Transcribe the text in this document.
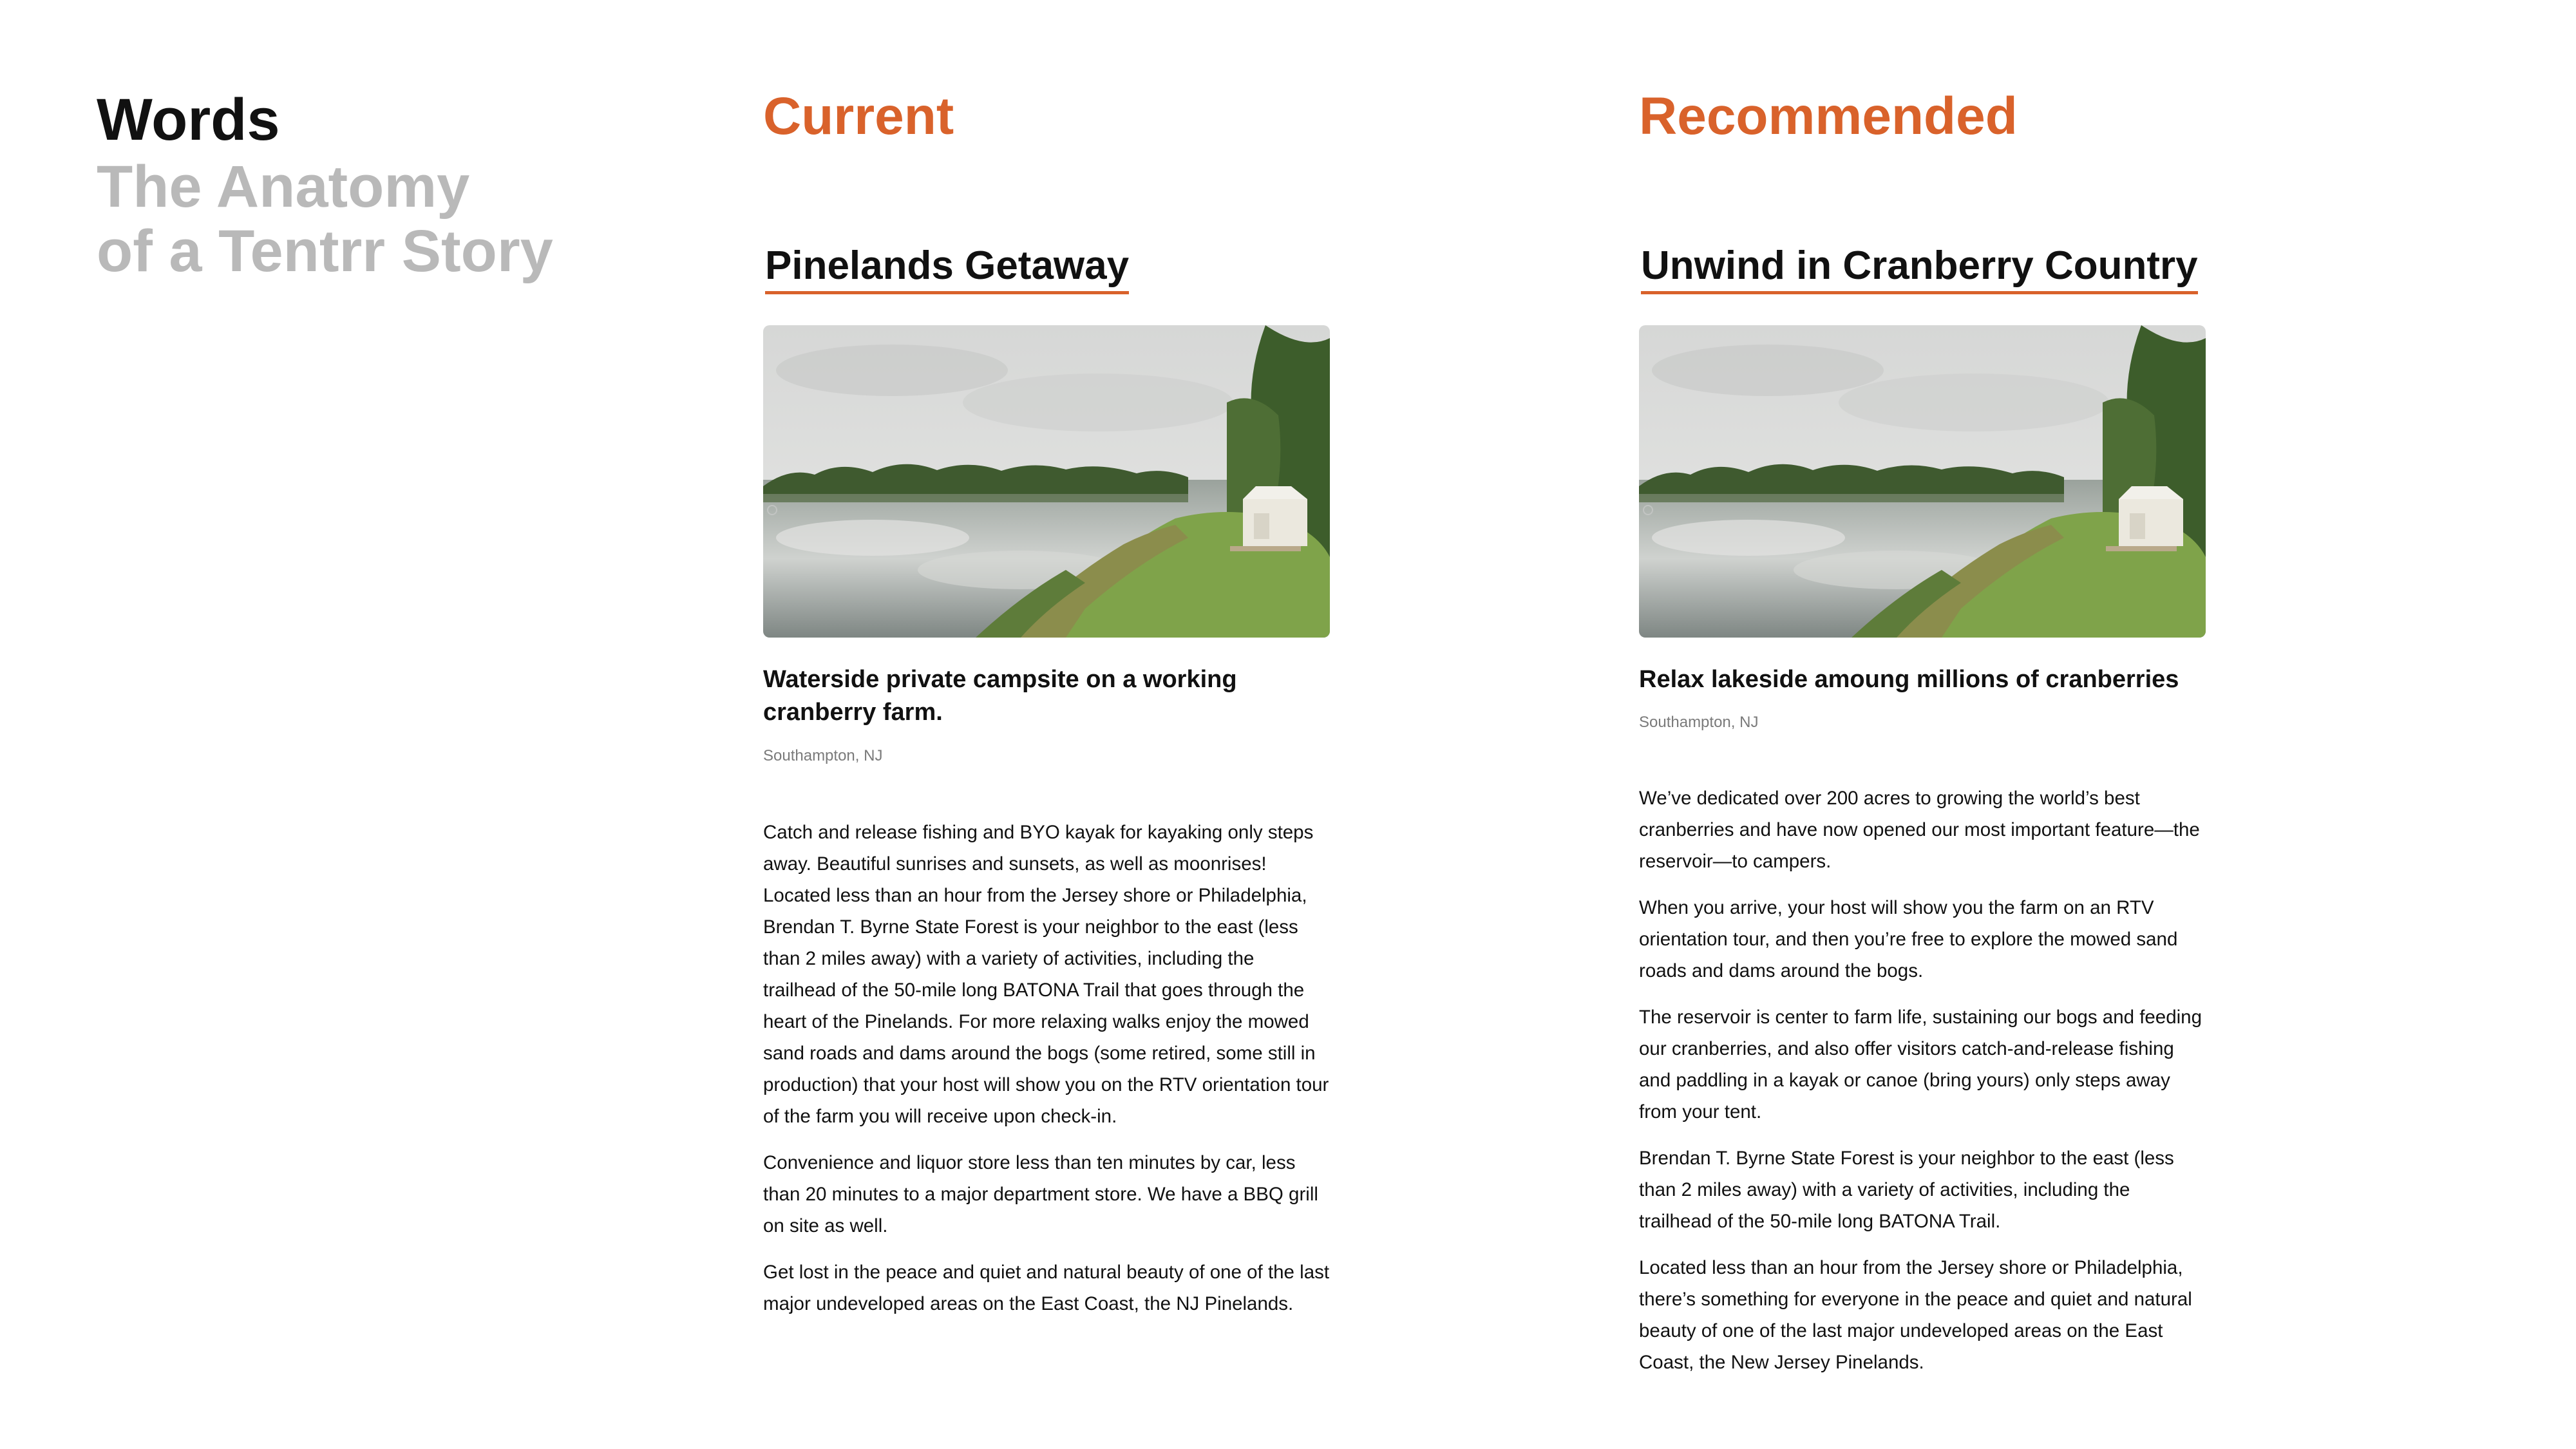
Words
The Anatomy
of a Tentrr Story
Current
Pinelands Getaway
Waterside private campsite on a working cranberry farm.
Southampton, NJ

Catch and release fishing and BYO kayak for kayaking only steps away. Beautiful sunrises and sunsets, as well as moonrises! Located less than an hour from the Jersey shore or Philadelphia, Brendan T. Byrne State Forest is your neighbor to the east (less than 2 miles away) with a variety of activities, including the trailhead of the 50-mile long BATONA Trail that goes through the heart of the Pinelands. For more relaxing walks enjoy the mowed sand roads and dams around the bogs (some retired, some still in production) that your host will show you on the RTV orientation tour of the farm you will receive upon check-in.

Convenience and liquor store less than ten minutes by car, less than 20 minutes to a major department store. We have a BBQ grill on site as well.

Get lost in the peace and quiet and natural beauty of one of the last major undeveloped areas on the East Coast, the NJ Pinelands.

Recommended
Unwind in Cranberry Country
Relax lakeside amoung millions of cranberries
Southampton, NJ

We’ve dedicated over 200 acres to growing the world’s best cranberries and have now opened our most important feature—the reservoir—to campers.

When you arrive, your host will show you the farm on an RTV orientation tour, and then you’re free to explore the mowed sand roads and dams around the bogs.

The reservoir is center to farm life, sustaining our bogs and feeding our cranberries, and also offer visitors catch-and-release fishing and paddling in a kayak or canoe (bring yours) only steps away from your tent.

Brendan T. Byrne State Forest is your neighbor to the east (less than 2 miles away) with a variety of activities, including the trailhead of the 50-mile long BATONA Trail.

Located less than an hour from the Jersey shore or Philadelphia, there’s something for everyone in the peace and quiet and natural beauty of one of the last major undeveloped areas on the East Coast, the New Jersey Pinelands.
